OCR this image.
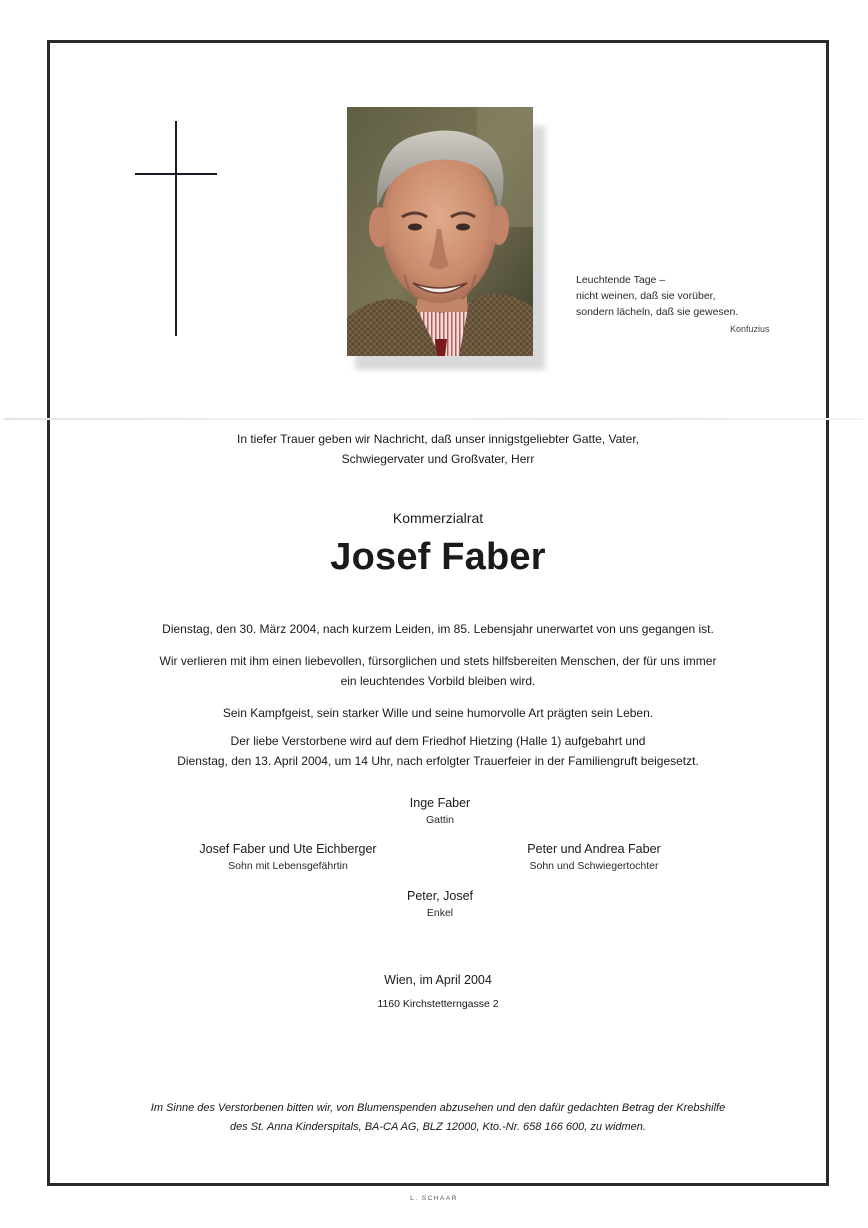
Leuchtende Tage –
nicht weinen, daß sie vorüber,
sondern lächeln, daß sie gewesen.
Konfuzius
In tiefer Trauer geben wir Nachricht, daß unser innigstgeliebter Gatte, Vater,
Schwiegervater und Großvater, Herr
Kommerzialrat
Josef Faber

Dienstag, den 30. März 2004, nach kurzem Leiden, im 85. Lebensjahr unerwartet von uns gegangen ist.

Wir verlieren mit ihm einen liebevollen, fürsorglichen und stets hilfsbereiten Menschen, der für uns immer
ein leuchtendes Vorbild bleiben wird.

Sein Kampfgeist, sein starker Wille und seine humorvolle Art prägten sein Leben.

Der liebe Verstorbene wird auf dem Friedhof Hietzing (Halle 1) aufgebahrt und
Dienstag, den 13. April 2004, um 14 Uhr, nach erfolgter Trauerfeier in der Familiengruft beigesetzt.

Inge Faber
Gattin
Josef Faber und Ute Eichberger
Sohn mit Lebensgefährtin
Peter und Andrea Faber
Sohn und Schwiegertochter
Peter, Josef
Enkel
Wien, im April 2004
1160 Kirchstetterngasse 2
Im Sinne des Verstorbenen bitten wir, von Blumenspenden abzusehen und den dafür gedachten Betrag der Krebshilfe
des St. Anna Kinderspitals, BA-CA AG, BLZ 12000, Kto.-Nr. 658 166 600, zu widmen.
L. SCHAAR
